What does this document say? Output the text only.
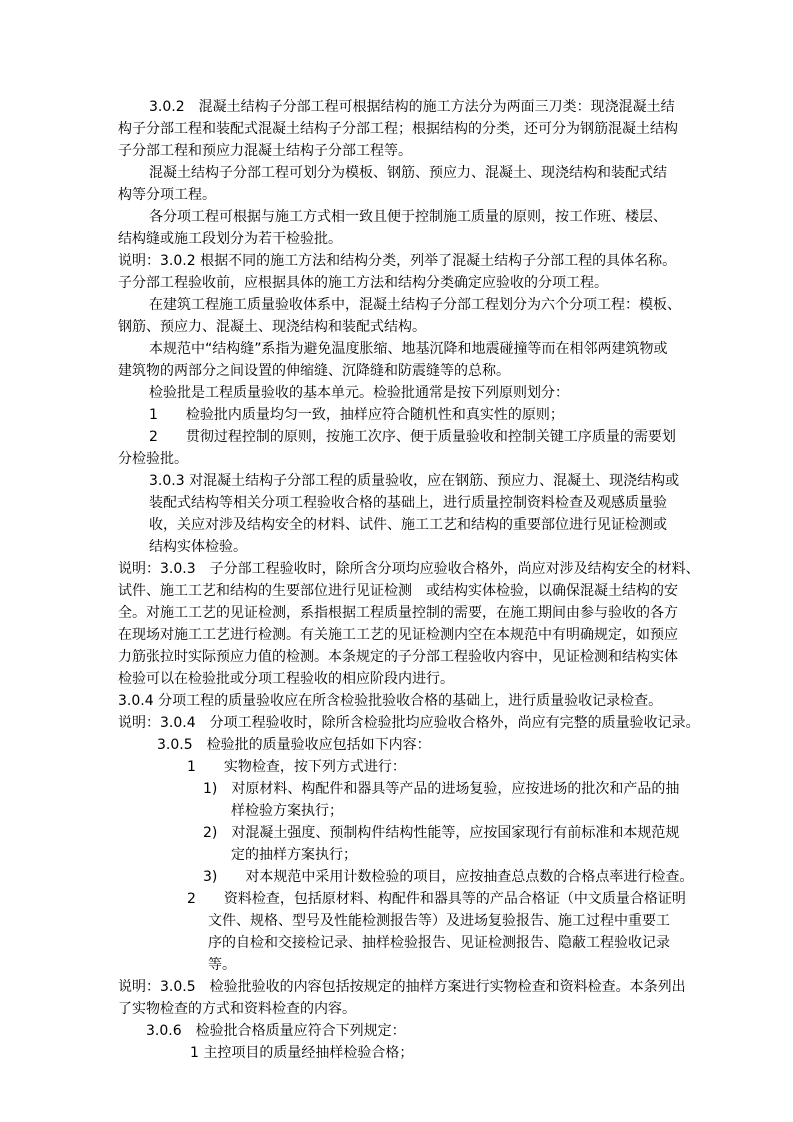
3.0.2　混凝土结构子分部工程可根据结构的施工方法分为两面三刀类：现浇混凝土结
构子分部工程和装配式混凝土结构子分部工程；根据结构的分类，还可分为钢筋混凝土结构
子分部工程和预应力混凝土结构子分部工程等。
混凝土结构子分部工程可划分为模板、钢筋、预应力、混凝土、现浇结构和装配式结
构等分项工程。
各分项工程可根据与施工方式相一致且便于控制施工质量的原则，按工作班、楼层、
结构缝或施工段划分为若干检验批。
说明：3.0.2 根据不同的施工方法和结构分类，列举了混凝土结构子分部工程的具体名称。
子分部工程验收前，应根据具体的施工方法和结构分类确定应验收的分项工程。
在建筑工程施工质量验收体系中，混凝土结构子分部工程划分为六个分项工程：模板、
钢筋、预应力、混凝土、现浇结构和装配式结构。
本规范中“结构缝”系指为避免温度胀缩、地基沉降和地震碰撞等而在相邻两建筑物或
建筑物的两部分之间设置的伸缩缝、沉降缝和防震缝等的总称。
检验批是工程质量验收的基本单元。检验批通常是按下列原则划分：
1　　检验批内质量均匀一致，抽样应符合随机性和真实性的原则；
2　　贯彻过程控制的原则，按施工次序、便于质量验收和控制关键工序质量的需要划
分检验批。
3.0.3 对混凝土结构子分部工程的质量验收，应在钢筋、预应力、混凝土、现浇结构或
装配式结构等相关分项工程验收合格的基础上，进行质量控制资料检查及观感质量验
收，关应对涉及结构安全的材料、试件、施工工艺和结构的重要部位进行见证检测或
结构实体检验。
说明：3.0.3　子分部工程验收时，除所含分项均应验收合格外，尚应对涉及结构安全的材料、
试件、施工工艺和结构的生要部位进行见证检测　或结构实体检验，以确保混凝土结构的安
全。对施工工艺的见证检测，系指根据工程质量控制的需要，在施工期间由参与验收的各方
在现场对施工工艺进行检测。有关施工工艺的见证检测内空在本规范中有明确规定，如预应
力筋张拉时实际预应力值的检测。本条规定的子分部工程验收内容中，见证检测和结构实体
检验可以在检验批或分项工程验收的相应阶段内进行。
3.0.4 分项工程的质量验收应在所含检验批验收合格的基础上，进行质量验收记录检查。
说明：3.0.4　分项工程验收时，除所含检验批均应验收合格外，尚应有完整的质量验收记录。
3.0.5　检验批的质量验收应包括如下内容：
1　　实物检查，按下列方式进行：
1)　对原材料、构配件和器具等产品的进场复验，应按进场的批次和产品的抽
样检验方案执行；
2)　对混凝土强度、预制构件结构性能等，应按国家现行有前标准和本规范规
定的抽样方案执行；
3)　　对本规范中采用计数检验的项目，应按抽查总点数的合格点率进行检查。
2　　资料检查，包括原材料、构配件和器具等的产品合格证（中文质量合格证明
文件、规格、型号及性能检测报告等）及进场复验报告、施工过程中重要工
序的自检和交接检记录、抽样检验报告、见证检测报告、隐蔽工程验收记录
等。
说明：3.0.5　检验批验收的内容包括按规定的抽样方案进行实物检查和资料检查。本条列出
了实物检查的方式和资料检查的内容。
3.0.6　检验批合格质量应符合下列规定：
1 主控项目的质量经抽样检验合格；
